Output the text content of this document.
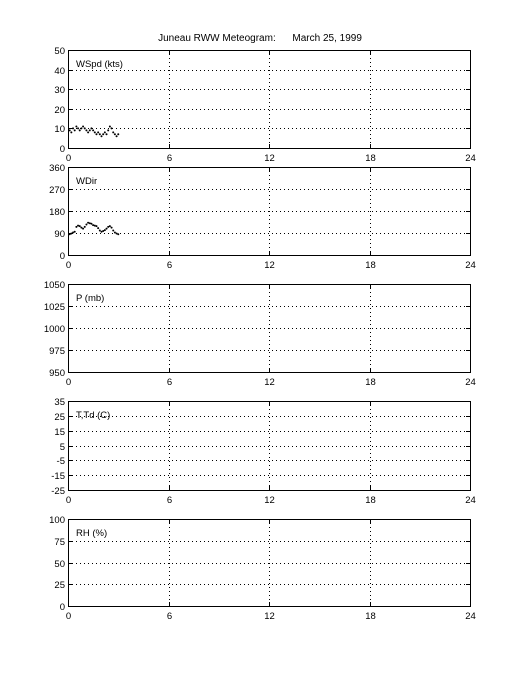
Juneau RWW Meteogram:      March 25, 1999
0
10
20
30
40
50
0	6	12	18	24
WSpd (kts)
0
90
180
270
360
0	6	12	18	24
WDir
950
975
1000
1025
1050
0	6	12	18	24
P (mb)
-25
-15
-5
5
15
25
35
0	6	12	18	24
T,Td (C)
0
25
50
75
100
0	6	12	18	24
RH (%)
